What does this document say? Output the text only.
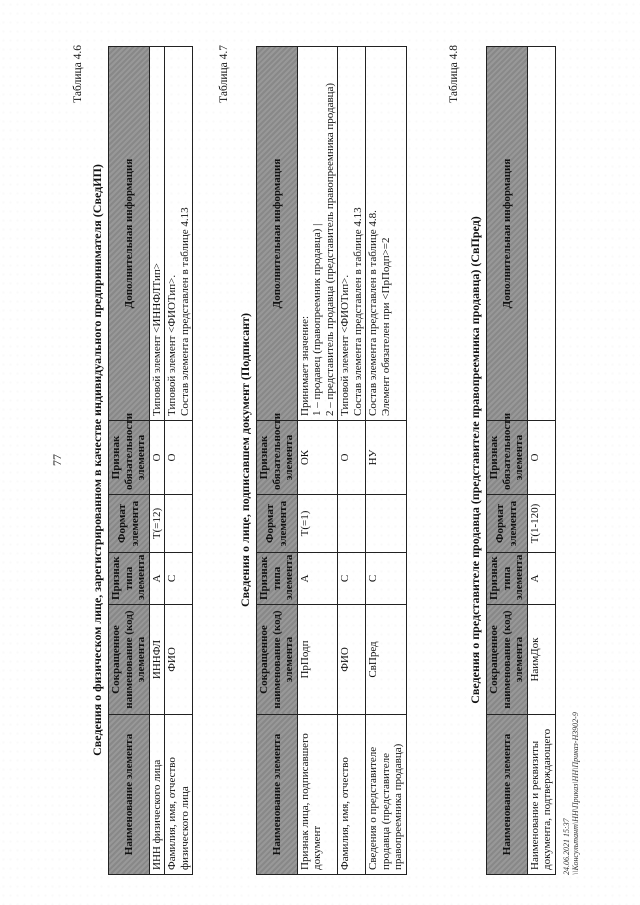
77
Таблица 4.6
Сведения о физическом лице, зарегистрированном в качестве индивидуального предпринимателя (СведИП)
Наименование элемента	Сокращенное наименование (код) элемента	Признак типа элемента	Формат элемента	Признак обязательности элемента	Дополнительная информация
ИНН физического лица	ИННФЛ	А	Т(=12)	О	Типовой элемент <ИННФЛТип>
Фамилия, имя, отчество физического лица	ФИО	С		О	Типовой элемент <ФИОТип>.
Состав элемента представлен в таблице 4.13
Таблица 4.7
Сведения о лице, подписавшем документ (Подписант)
Наименование элемента	Сокращенное наименование (код) элемента	Признак типа элемента	Формат элемента	Признак обязательности элемента	Дополнительная информация
Признак лица, подписавшего документ	ПрПодп	А	Т(=1)	ОК	Принимает значение:
1 – продавец (правопреемник продавца) |
2 – представитель продавца (представитель правопреемника продавца)
Фамилия, имя, отчество	ФИО	С		О	Типовой элемент <ФИОТип>.
Состав элемента представлен в таблице 4.13
Сведения о представителе продавца (представителе правопреемника продавца)	СвПред	С		НУ	Состав элемента представлен в таблице 4.8.
Элемент обязателен при <ПрПодп>=2
Таблица 4.8
Сведения о представителе продавца (представителе правопреемника продавца) (СвПред)
Наименование элемента	Сокращенное наименование (код) элемента	Признак типа элемента	Формат элемента	Признак обязательности элемента	Дополнительная информация
Наименование и реквизиты документа, подтверждающего	НаимДок	А	Т(1-120)	О	
24.06.2021 15:37 \\Консультант\НН\Приказ\НН\Приказ-НЗ902-9
